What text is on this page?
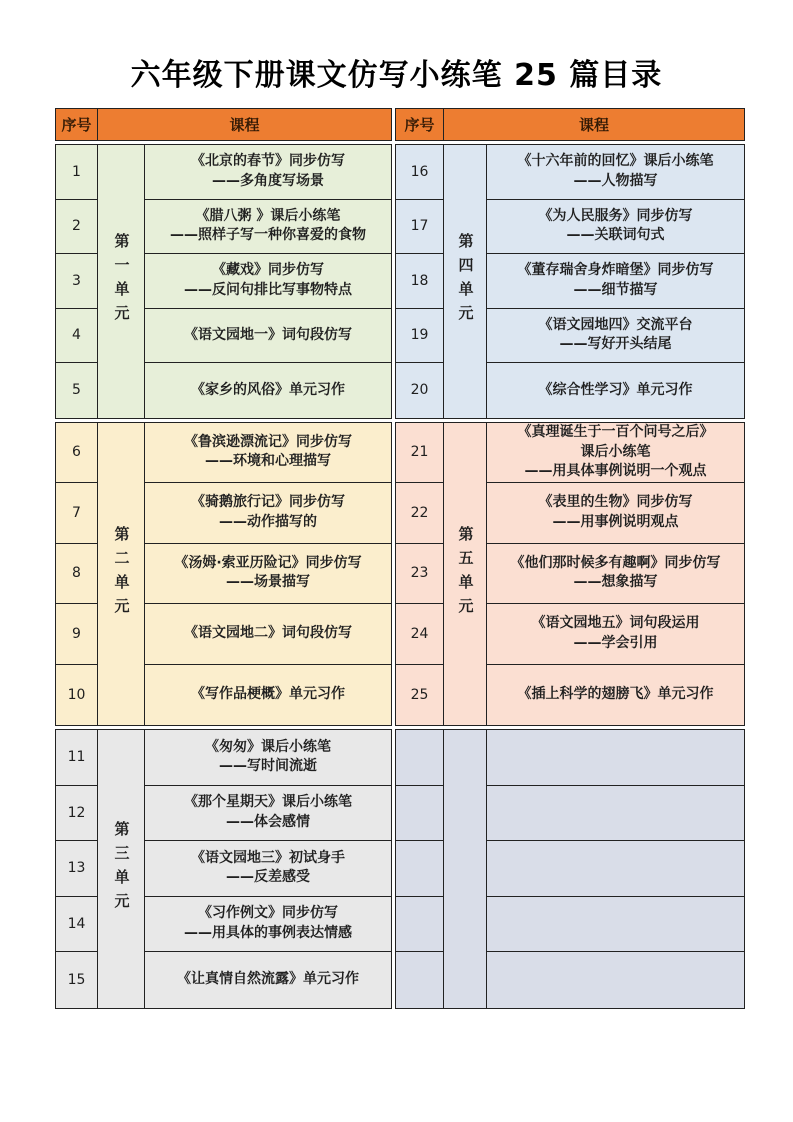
六年级下册课文仿写小练笔 25 篇目录
序号	课程
1
2
3
4
5
第一单元
《北京的春节》同步仿写
——多角度写场景
《腊八粥 》课后小练笔
——照样子写一种你喜爱的食物
《藏戏》同步仿写
——反问句排比写事物特点
《语文园地一》词句段仿写
《家乡的风俗》单元习作
6
7
8
9
10
第二单元
《鲁滨逊漂流记》同步仿写
——环境和心理描写
《骑鹅旅行记》同步仿写
——动作描写的
《汤姆·索亚历险记》同步仿写
——场景描写
《语文园地二》词句段仿写
《写作品梗概》单元习作
11
12
13
14
15
第三单元
《匆匆》课后小练笔
——写时间流逝
《那个星期天》课后小练笔
——体会感情
《语文园地三》初试身手
——反差感受
《习作例文》同步仿写
——用具体的事例表达情感
《让真情自然流露》单元习作
序号	课程
16
17
18
19
20
第四单元
《十六年前的回忆》课后小练笔
——人物描写
《为人民服务》同步仿写
——关联词句式
《董存瑞舍身炸暗堡》同步仿写
——细节描写
《语文园地四》交流平台
——写好开头结尾
《综合性学习》单元习作
21
22
23
24
25
第五单元
《真理诞生于一百个问号之后》
课后小练笔
——用具体事例说明一个观点
《表里的生物》同步仿写
——用事例说明观点
《他们那时候多有趣啊》同步仿写
——想象描写
《语文园地五》词句段运用
——学会引用
《插上科学的翅膀飞》单元习作
